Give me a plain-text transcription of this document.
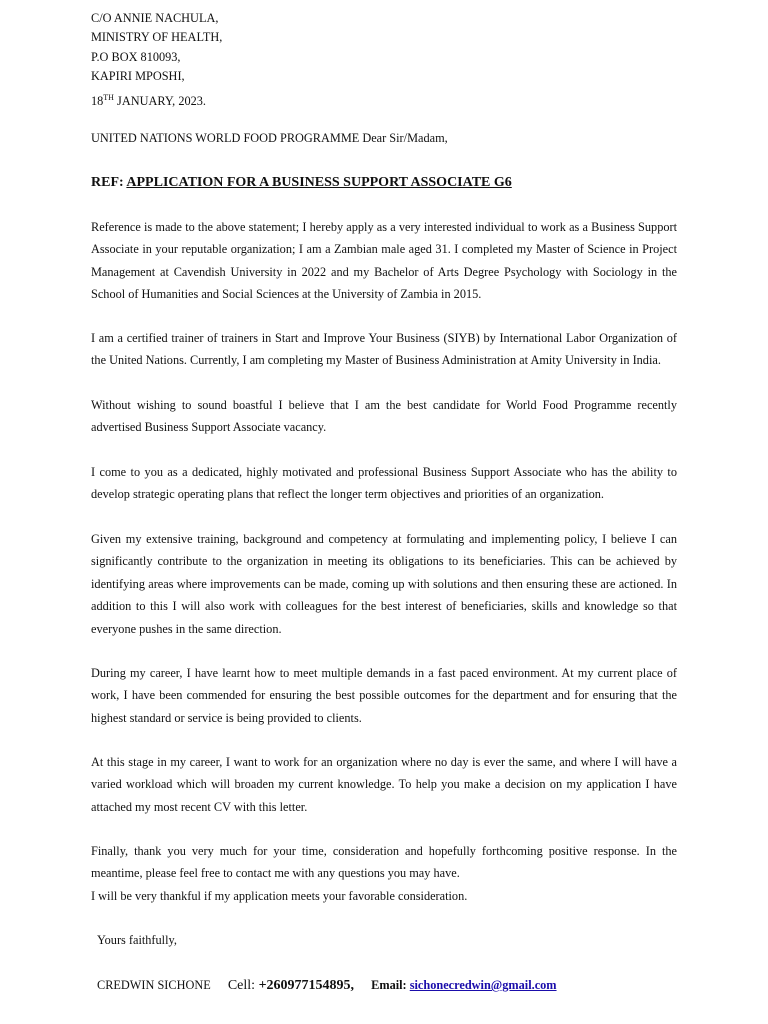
C/O ANNIE NACHULA,
MINISTRY OF HEALTH,
P.O BOX 810093,
KAPIRI MPOSHI,
18TH JANUARY, 2023.
UNITED NATIONS WORLD FOOD PROGRAMME Dear Sir/Madam,
REF: APPLICATION FOR A BUSINESS SUPPORT ASSOCIATE G6

Reference is made to the above statement; I hereby apply as a very interested individual to work as a Business Support Associate in your reputable organization; I am a Zambian male aged 31. I completed my Master of Science in Project Management at Cavendish University in 2022 and my Bachelor of Arts Degree Psychology with Sociology in the School of Humanities and Social Sciences at the University of Zambia in 2015.

I am a certified trainer of trainers in Start and Improve Your Business (SIYB) by International Labor Organization of the United Nations. Currently, I am completing my Master of Business Administration at Amity University in India.

Without wishing to sound boastful I believe that I am the best candidate for World Food Programme recently advertised Business Support Associate vacancy.

I come to you as a dedicated, highly motivated and professional Business Support Associate who has the ability to develop strategic operating plans that reflect the longer term objectives and priorities of an organization.

Given my extensive training, background and competency at formulating and implementing policy, I believe I can significantly contribute to the organization in meeting its obligations to its beneficiaries. This can be achieved by identifying areas where improvements can be made, coming up with solutions and then ensuring these are actioned. In addition to this I will also work with colleagues for the best interest of beneficiaries, skills and knowledge so that everyone pushes in the same direction.

During my career, I have learnt how to meet multiple demands in a fast paced environment. At my current place of work, I have been commended for ensuring the best possible outcomes for the department and for ensuring that the highest standard or service is being provided to clients.

At this stage in my career, I want to work for an organization where no day is ever the same, and where I will have a varied workload which will broaden my current knowledge. To help you make a decision on my application I have attached my most recent CV with this letter.

Finally, thank you very much for your time, consideration and hopefully forthcoming positive response. In the meantime, please feel free to contact me with any questions you may have.

I will be very thankful if my application meets your favorable consideration.

Yours faithfully,
CREDWIN SICHONE Cell: +260977154895, Email: sichonecredwin@gmail.com
